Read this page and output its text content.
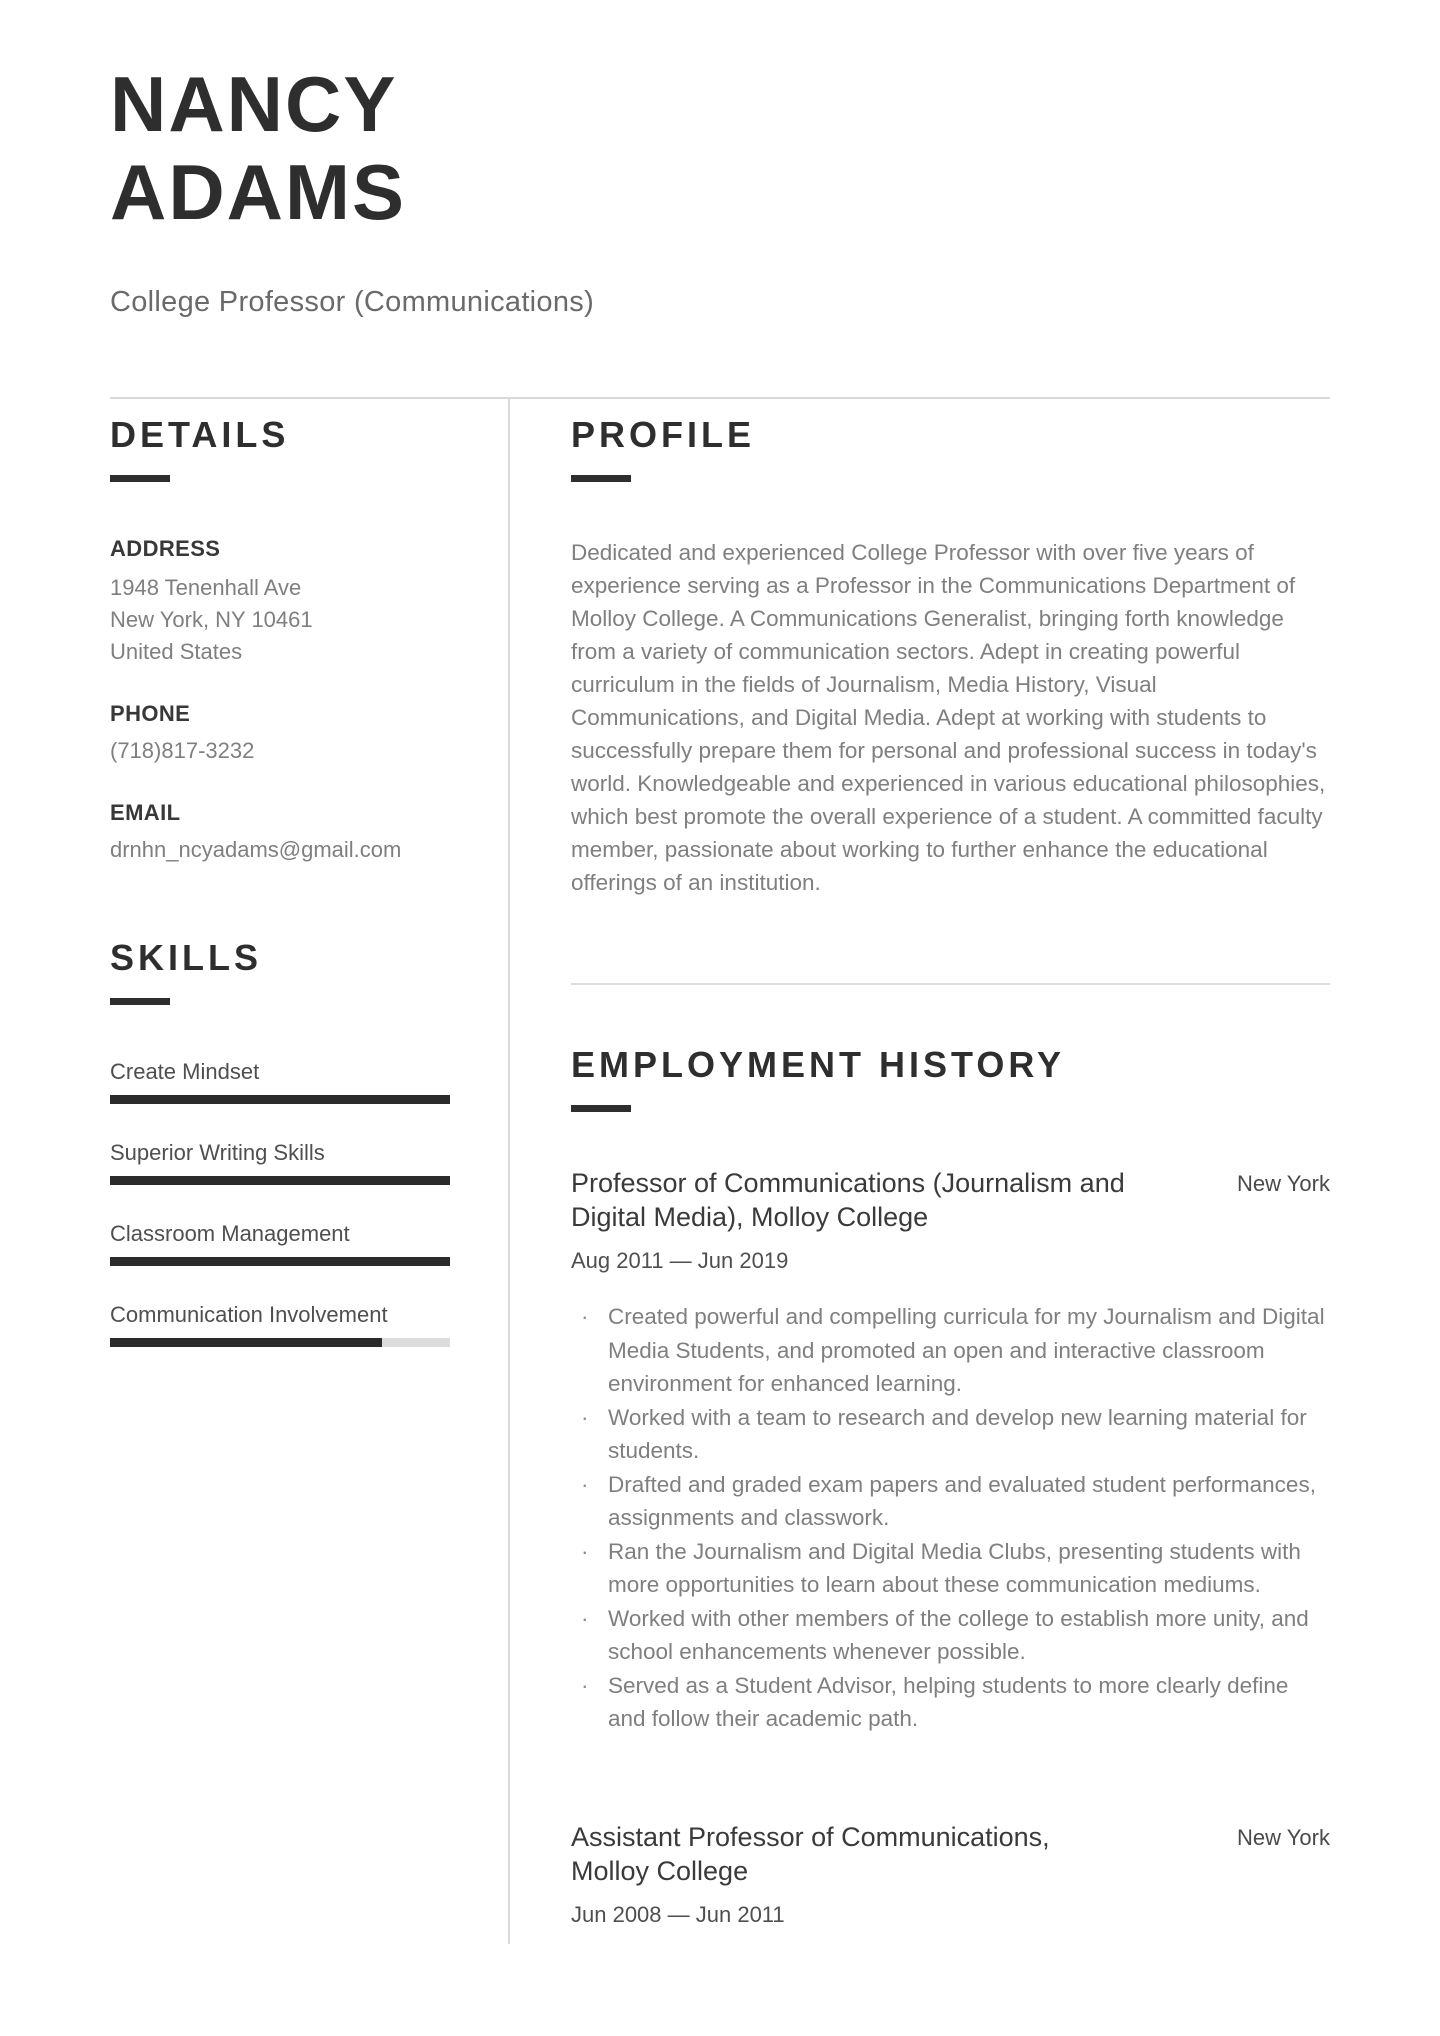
NANCY
ADAMS
College Professor (Communications)
DETAILS
ADDRESS
1948 Tenenhall Ave
New York, NY 10461
United States
PHONE
(718)817-3232
EMAIL
drnhn_ncyadams@gmail.com
SKILLS
Create Mindset
Superior Writing Skills
Classroom Management
Communication Involvement
PROFILE
Dedicated and experienced College Professor with over five years of experience serving as a Professor in the Communications Department of Molloy College. A Communications Generalist, bringing forth knowledge from a variety of communication sectors. Adept in creating powerful curriculum in the fields of Journalism, Media History, Visual Communications, and Digital Media. Adept at working with students to successfully prepare them for personal and professional success in today's world. Knowledgeable and experienced in various educational philosophies, which best promote the overall experience of a student. A committed faculty member, passionate about working to further enhance the educational offerings of an institution.
EMPLOYMENT HISTORY
Professor of Communications (Journalism and Digital Media), Molloy College
New York
Aug 2011 — Jun 2019
· Created powerful and compelling curricula for my Journalism and Digital Media Students, and promoted an open and interactive classroom environment for enhanced learning.
· Worked with a team to research and develop new learning material for students.
· Drafted and graded exam papers and evaluated student performances, assignments and classwork.
· Ran the Journalism and Digital Media Clubs, presenting students with more opportunities to learn about these communication mediums.
· Worked with other members of the college to establish more unity, and school enhancements whenever possible.
· Served as a Student Advisor, helping students to more clearly define and follow their academic path.
Assistant Professor of Communications, Molloy College
New York
Jun 2008 — Jun 2011
